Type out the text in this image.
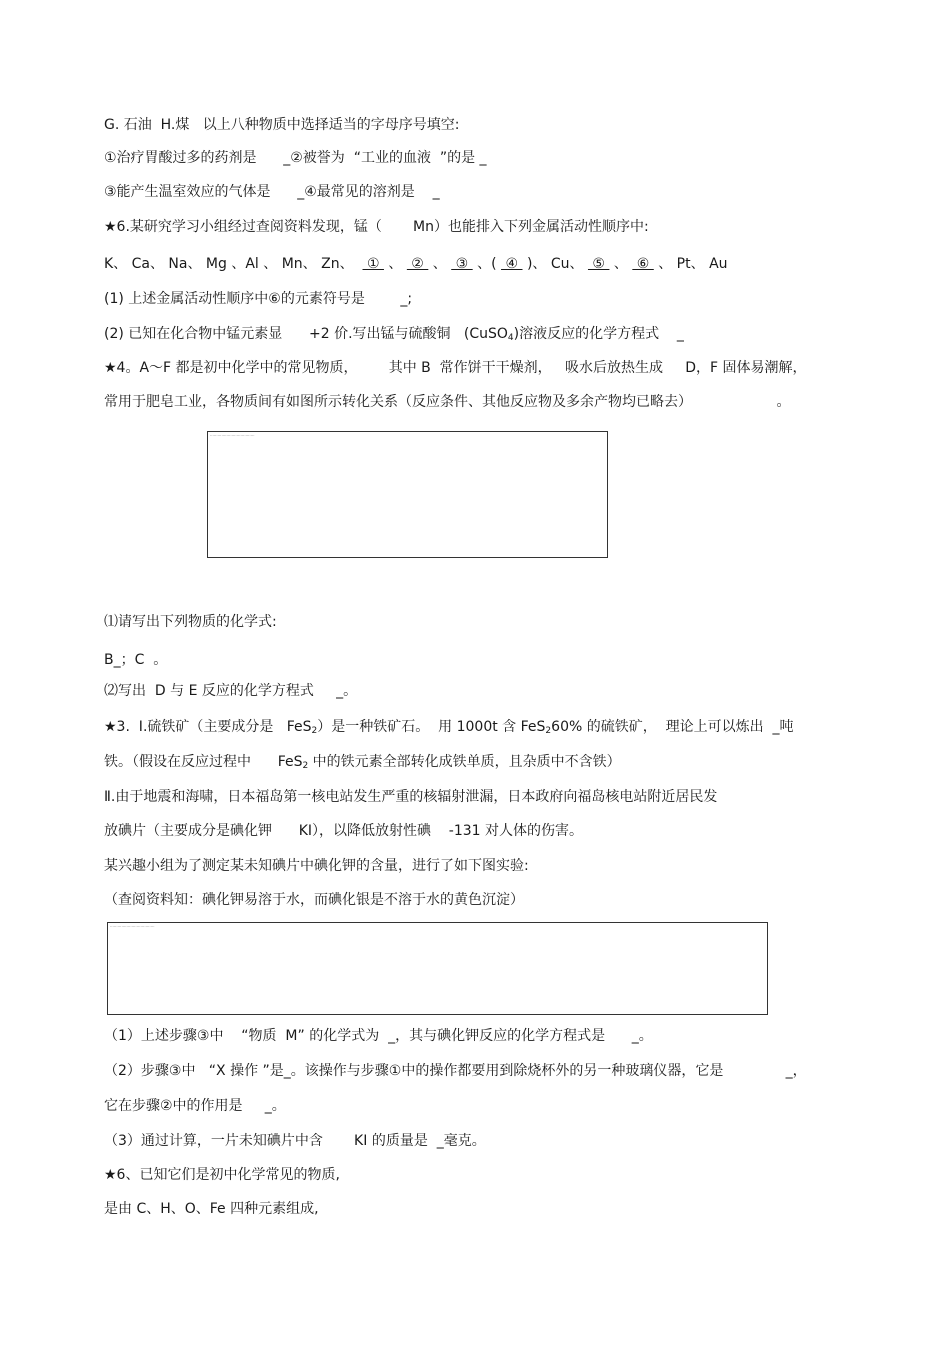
G. 石油  H.煤   以上八种物质中选择适当的字母序号填空:
①治疗胃酸过多的药剂是      _②被誉为  “工业的血液  ”的是 _
③能产生温室效应的气体是      _④最常见的溶剂是    _
★6.某研究学习小组经过查阅资料发现，锰（       Mn）也能排入下列金属活动性顺序中:
K、 Ca、 Na、 Mg 、Al 、 Mn、 Zn、   ①  、  ②  、  ③  、(  ④  )、 Cu、  ⑤  、  ⑥  、 Pt、 Au
(1) 上述金属活动性顺序中⑥的元素符号是        _;
(2) 已知在化合物中锰元素显      +2 价.写出锰与硫酸铜   (CuSO$_4$)溶液反应的化学方程式    _
★4。A～F 都是初中化学中的常见物质，       其中 B  常作饼干干燥剂，   吸水后放热生成     D，F 固体易潮解，
常用于肥皂工业，各物质间有如图所示转化关系（反应条件、其他反应物及多余产物均已略去）                   。
...................................
⑴请写出下列物质的化学式:
B_；C  。
⑵写出  D 与 E 反应的化学方程式     _。
★3.  Ⅰ.硫铁矿（主要成分是   FeS$_2$）是一种铁矿石。  用 1000t 含 FeS$_2$60% 的硫铁矿，  理论上可以炼出  _吨
铁。（假设在反应过程中      FeS$_2$ 中的铁元素全部转化成铁单质，且杂质中不含铁）
Ⅱ.由于地震和海啸，日本福岛第一核电站发生严重的核辐射泄漏，日本政府向福岛核电站附近居民发
放碘片（主要成分是碘化钾      KI），以降低放射性碘    -131 对人体的伤害。
某兴趣小组为了测定某未知碘片中碘化钾的含量，进行了如下图实验:
（查阅资料知：碘化钾易溶于水，而碘化银是不溶于水的黄色沉淀）
...................................
（1）上述步骤③中    “物质  M” 的化学式为  _，其与碘化钾反应的化学方程式是      _。
（2）步骤③中   “X 操作 ”是_。该操作与步骤①中的操作都要用到除烧杯外的另一种玻璃仪器，它是              _，
它在步骤②中的作用是     _。
（3）通过计算，一片未知碘片中含       KI 的质量是  _毫克。
★6、已知它们是初中化学常见的物质,
是由 C、H、O、Fe 四种元素组成,
